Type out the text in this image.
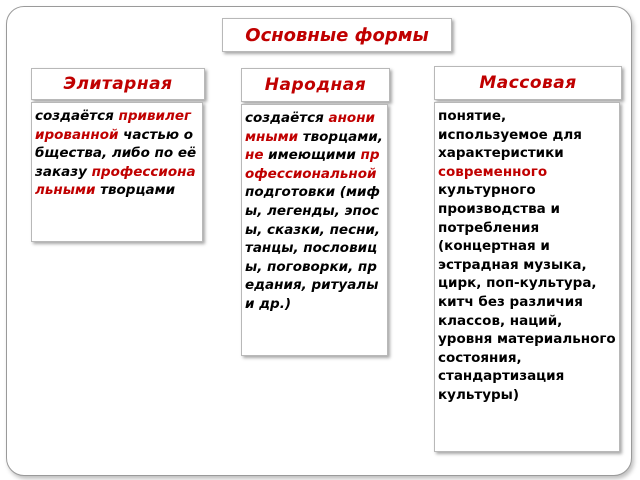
Основные формы
Элитарная	Народная	Массовая
создаётся привилегированной частью общества, либо по её заказу профессиональными творцами
создаётся анонимными творцами, не имеющими профессиональной подготовки (мифы, легенды, эпосы, сказки, песни, танцы, пословицы, поговорки, предания, ритуалы и др.)
понятие, используемое для характеристики современного культурного производства и потребления (концертная и эстрадная музыка, цирк, поп-культура, китч без различия классов, наций, уровня материального состояния, стандартизация культуры)
